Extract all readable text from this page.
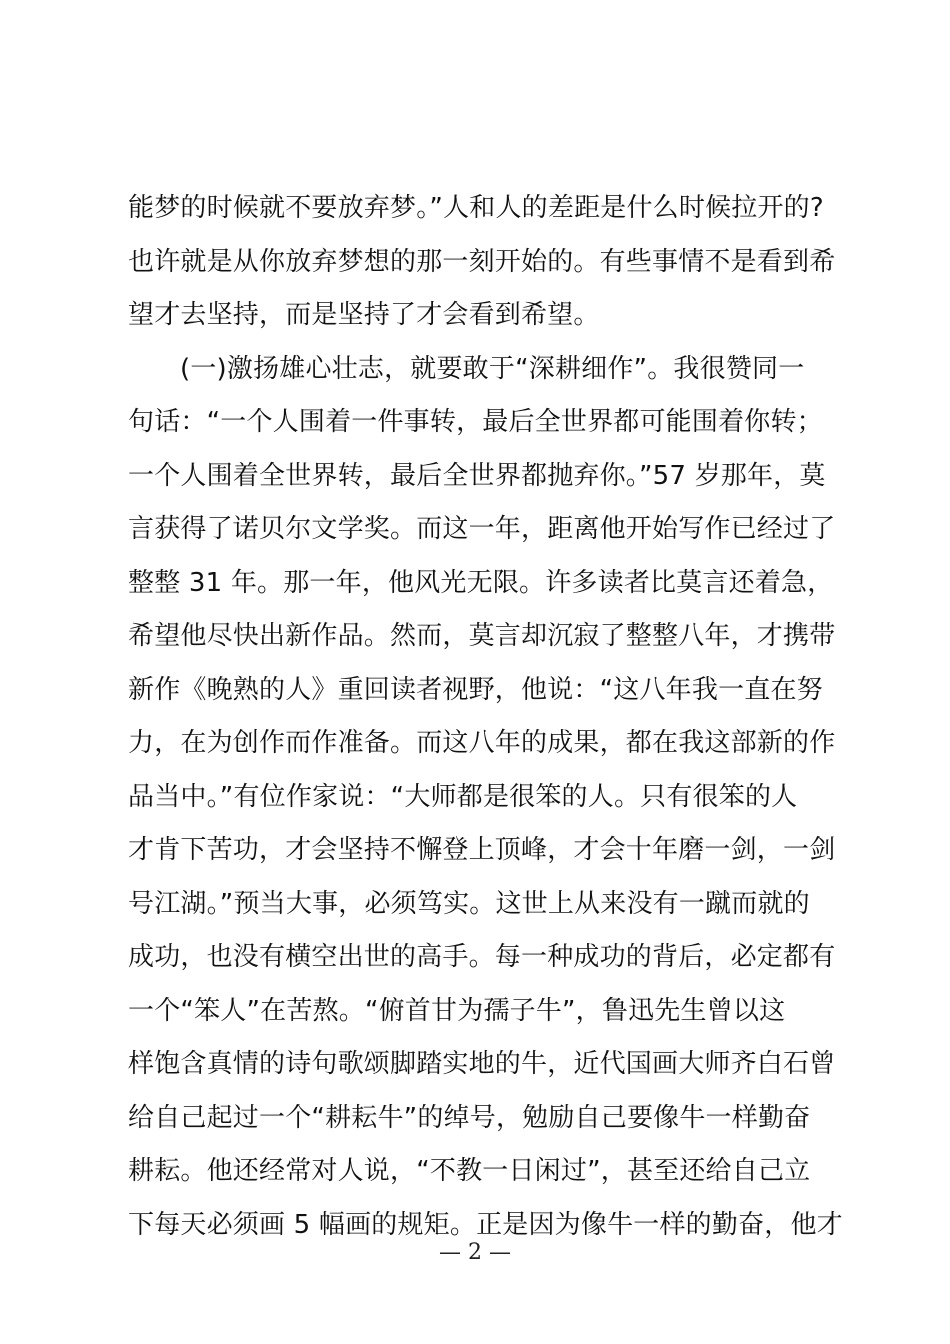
能梦的时候就不要放弃梦。”人和人的差距是什么时候拉开的?
也许就是从你放弃梦想的那一刻开始的。有些事情不是看到希
望才去坚持，而是坚持了才会看到希望。
(一)激扬雄心壮志，就要敢于“深耕细作”。我很赞同一
句话：“一个人围着一件事转，最后全世界都可能围着你转；
一个人围着全世界转，最后全世界都抛弃你。”57 岁那年，莫
言获得了诺贝尔文学奖。而这一年，距离他开始写作已经过了
整整 31 年。那一年，他风光无限。许多读者比莫言还着急，
希望他尽快出新作品。然而，莫言却沉寂了整整八年，才携带
新作《晚熟的人》重回读者视野，他说：“这八年我一直在努
力，在为创作而作准备。而这八年的成果，都在我这部新的作
品当中。”有位作家说：“大师都是很笨的人。只有很笨的人
才肯下苦功，才会坚持不懈登上顶峰，才会十年磨一剑，一剑
号江湖。”预当大事，必须笃实。这世上从来没有一蹴而就的
成功，也没有横空出世的高手。每一种成功的背后，必定都有
一个“笨人”在苦熬。“俯首甘为孺子牛”，鲁迅先生曾以这
样饱含真情的诗句歌颂脚踏实地的牛，近代国画大师齐白石曾
给自己起过一个“耕耘牛”的绰号，勉励自己要像牛一样勤奋
耕耘。他还经常对人说，“不教一日闲过”，甚至还给自己立
下每天必须画 5 幅画的规矩。正是因为像牛一样的勤奋，他才
— 2 —
